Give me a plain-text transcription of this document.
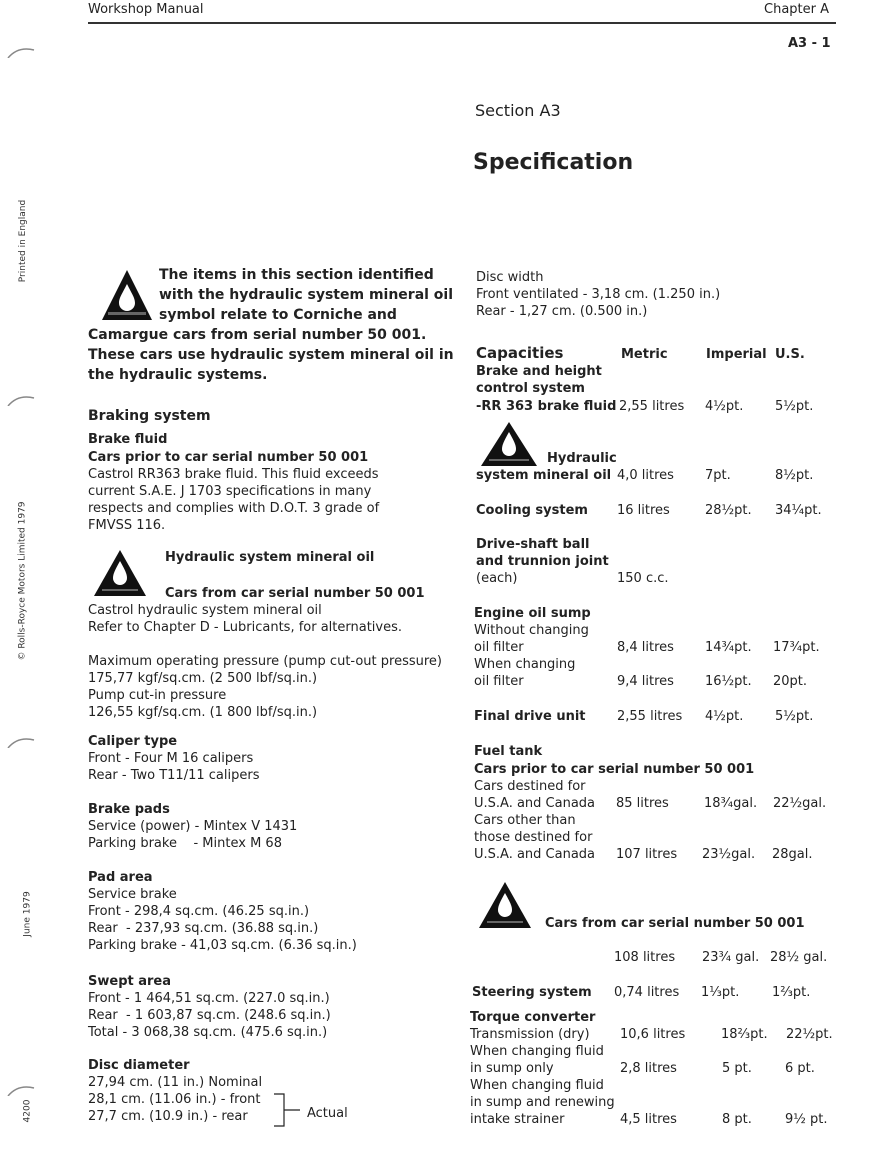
Workshop Manual	Chapter A
A3 - 1
Printed in England
© Rolls-Royce Motors Limited 1979
June 1979
4200
Section A3
Specification
The items in this section identified
with the hydraulic system mineral oil
symbol relate to Corniche and
Camargue cars from serial number 50 001.
These cars use hydraulic system mineral oil in
the hydraulic systems.
Braking system
Brake fluid
Cars prior to car serial number 50 001
Castrol RR363 brake fluid. This fluid exceeds
current S.A.E. J 1703 specifications in many
respects and complies with D.O.T. 3 grade of
FMVSS 116.
Hydraulic system mineral oil
Cars from car serial number 50 001
Castrol hydraulic system mineral oil
Refer to Chapter D - Lubricants, for alternatives.
Maximum operating pressure (pump cut-out pressure)
175,77 kgf/sq.cm. (2 500 lbf/sq.in.)
Pump cut-in pressure
126,55 kgf/sq.cm. (1 800 lbf/sq.in.)
Caliper type
Front - Four M 16 calipers
Rear - Two T11/11 calipers
Brake pads
Service (power) - Mintex V 1431
Parking brake    - Mintex M 68
Pad area
Service brake
Front - 298,4 sq.cm. (46.25 sq.in.)
Rear  - 237,93 sq.cm. (36.88 sq.in.)
Parking brake - 41,03 sq.cm. (6.36 sq.in.)
Swept area
Front - 1 464,51 sq.cm. (227.0 sq.in.)
Rear  - 1 603,87 sq.cm. (248.6 sq.in.)
Total - 3 068,38 sq.cm. (475.6 sq.in.)
Disc diameter
27,94 cm. (11 in.) Nominal
28,1 cm. (11.06 in.) - front
27,7 cm. (10.9 in.) - rear	Actual
Disc width
Front ventilated - 3,18 cm. (1.250 in.)
Rear - 1,27 cm. (0.500 in.)
Capacities	Metric	Imperial U.S.
Brake and height
control system
-RR 363 brake fluid 2,55 litres 4½pt. 5½pt.
Hydraulic
system mineral oil 4,0 litres 7pt.	8½pt.
Cooling system 16 litres	28½pt. 34¼pt.
Drive-shaft ball
and trunnion joint
(each)	150 c.c.
Engine oil sump
Without changing
oil filter	8,4 litres 14¾pt. 17¾pt.
When changing
oil filter	9,4 litres 16½pt. 20pt.
Final drive unit 2,55 litres 4½pt. 5½pt.
Fuel tank
Cars prior to car serial number 50 001
Cars destined for
U.S.A. and Canada 85 litres	18¾gal. 22½gal.
Cars other than
those destined for
U.S.A. and Canada 107 litres 23½gal. 28gal.
Cars from car serial number 50 001
108 litres 23¾ gal. 28½ gal.
Steering system 0,74 litres 1⅓pt.	1⅔pt.
Torque converter
Transmission (dry) 10,6 litres	18⅔pt. 22½pt.
When changing fluid
in sump only	2,8 litres	5 pt.	6 pt.
When changing fluid
in sump and renewing
intake strainer	4,5 litres	8 pt.	9½ pt.
